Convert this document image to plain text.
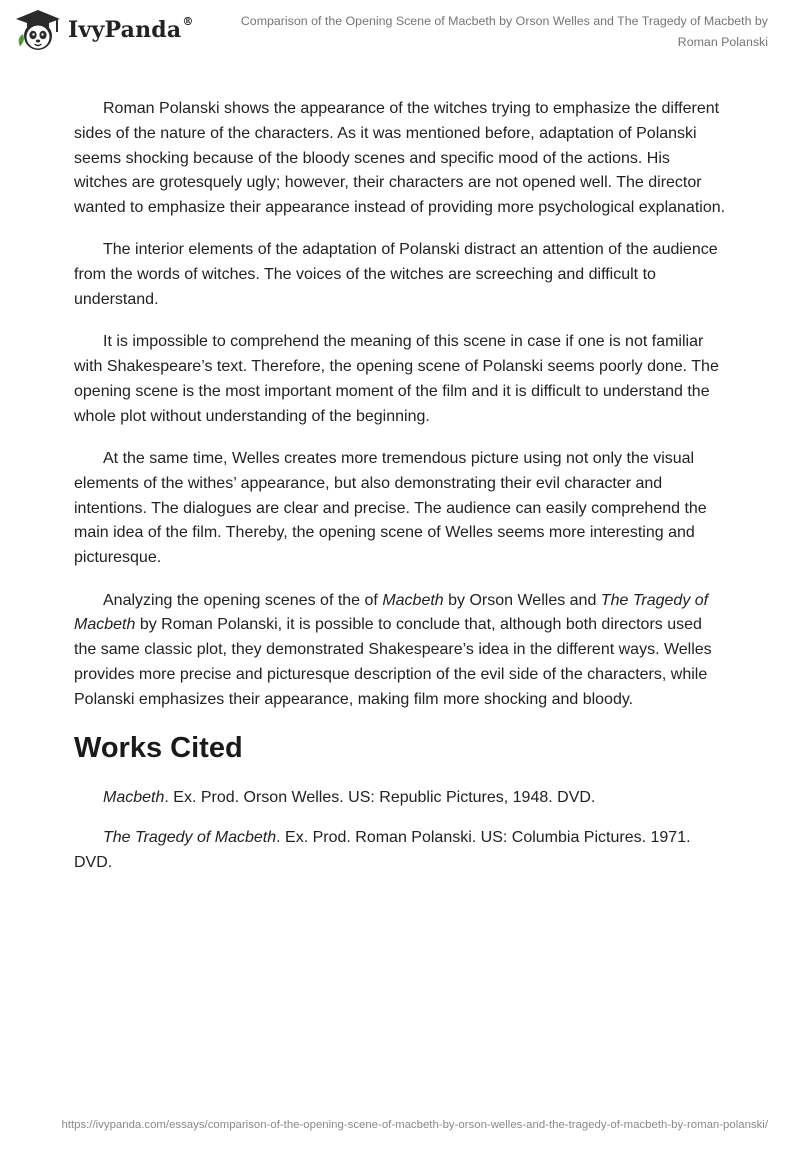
IvyPanda®	Comparison of the Opening Scene of Macbeth by Orson Welles and The Tragedy of Macbeth by Roman Polanski

Roman Polanski shows the appearance of the witches trying to emphasize the different sides of the nature of the characters. As it was mentioned before, adaptation of Polanski seems shocking because of the bloody scenes and specific mood of the actions. His witches are grotesquely ugly; however, their characters are not opened well. The director wanted to emphasize their appearance instead of providing more psychological explanation.

The interior elements of the adaptation of Polanski distract an attention of the audience from the words of witches. The voices of the witches are screeching and difficult to understand.

It is impossible to comprehend the meaning of this scene in case if one is not familiar with Shakespeare’s text. Therefore, the opening scene of Polanski seems poorly done. The opening scene is the most important moment of the film and it is difficult to understand the whole plot without understanding of the beginning.

At the same time, Welles creates more tremendous picture using not only the visual elements of the withes’ appearance, but also demonstrating their evil character and intentions. The dialogues are clear and precise. The audience can easily comprehend the main idea of the film. Thereby, the opening scene of Welles seems more interesting and picturesque.

Analyzing the opening scenes of the of Macbeth by Orson Welles and The Tragedy of Macbeth by Roman Polanski, it is possible to conclude that, although both directors used the same classic plot, they demonstrated Shakespeare’s idea in the different ways. Welles provides more precise and picturesque description of the evil side of the characters, while Polanski emphasizes their appearance, making film more shocking and bloody.

Works Cited

Macbeth. Ex. Prod. Orson Welles. US: Republic Pictures, 1948. DVD.

The Tragedy of Macbeth. Ex. Prod. Roman Polanski. US: Columbia Pictures. 1971. DVD.

https://ivypanda.com/essays/comparison-of-the-opening-scene-of-macbeth-by-orson-welles-and-the-tragedy-of-macbeth-by-roman-polanski/
